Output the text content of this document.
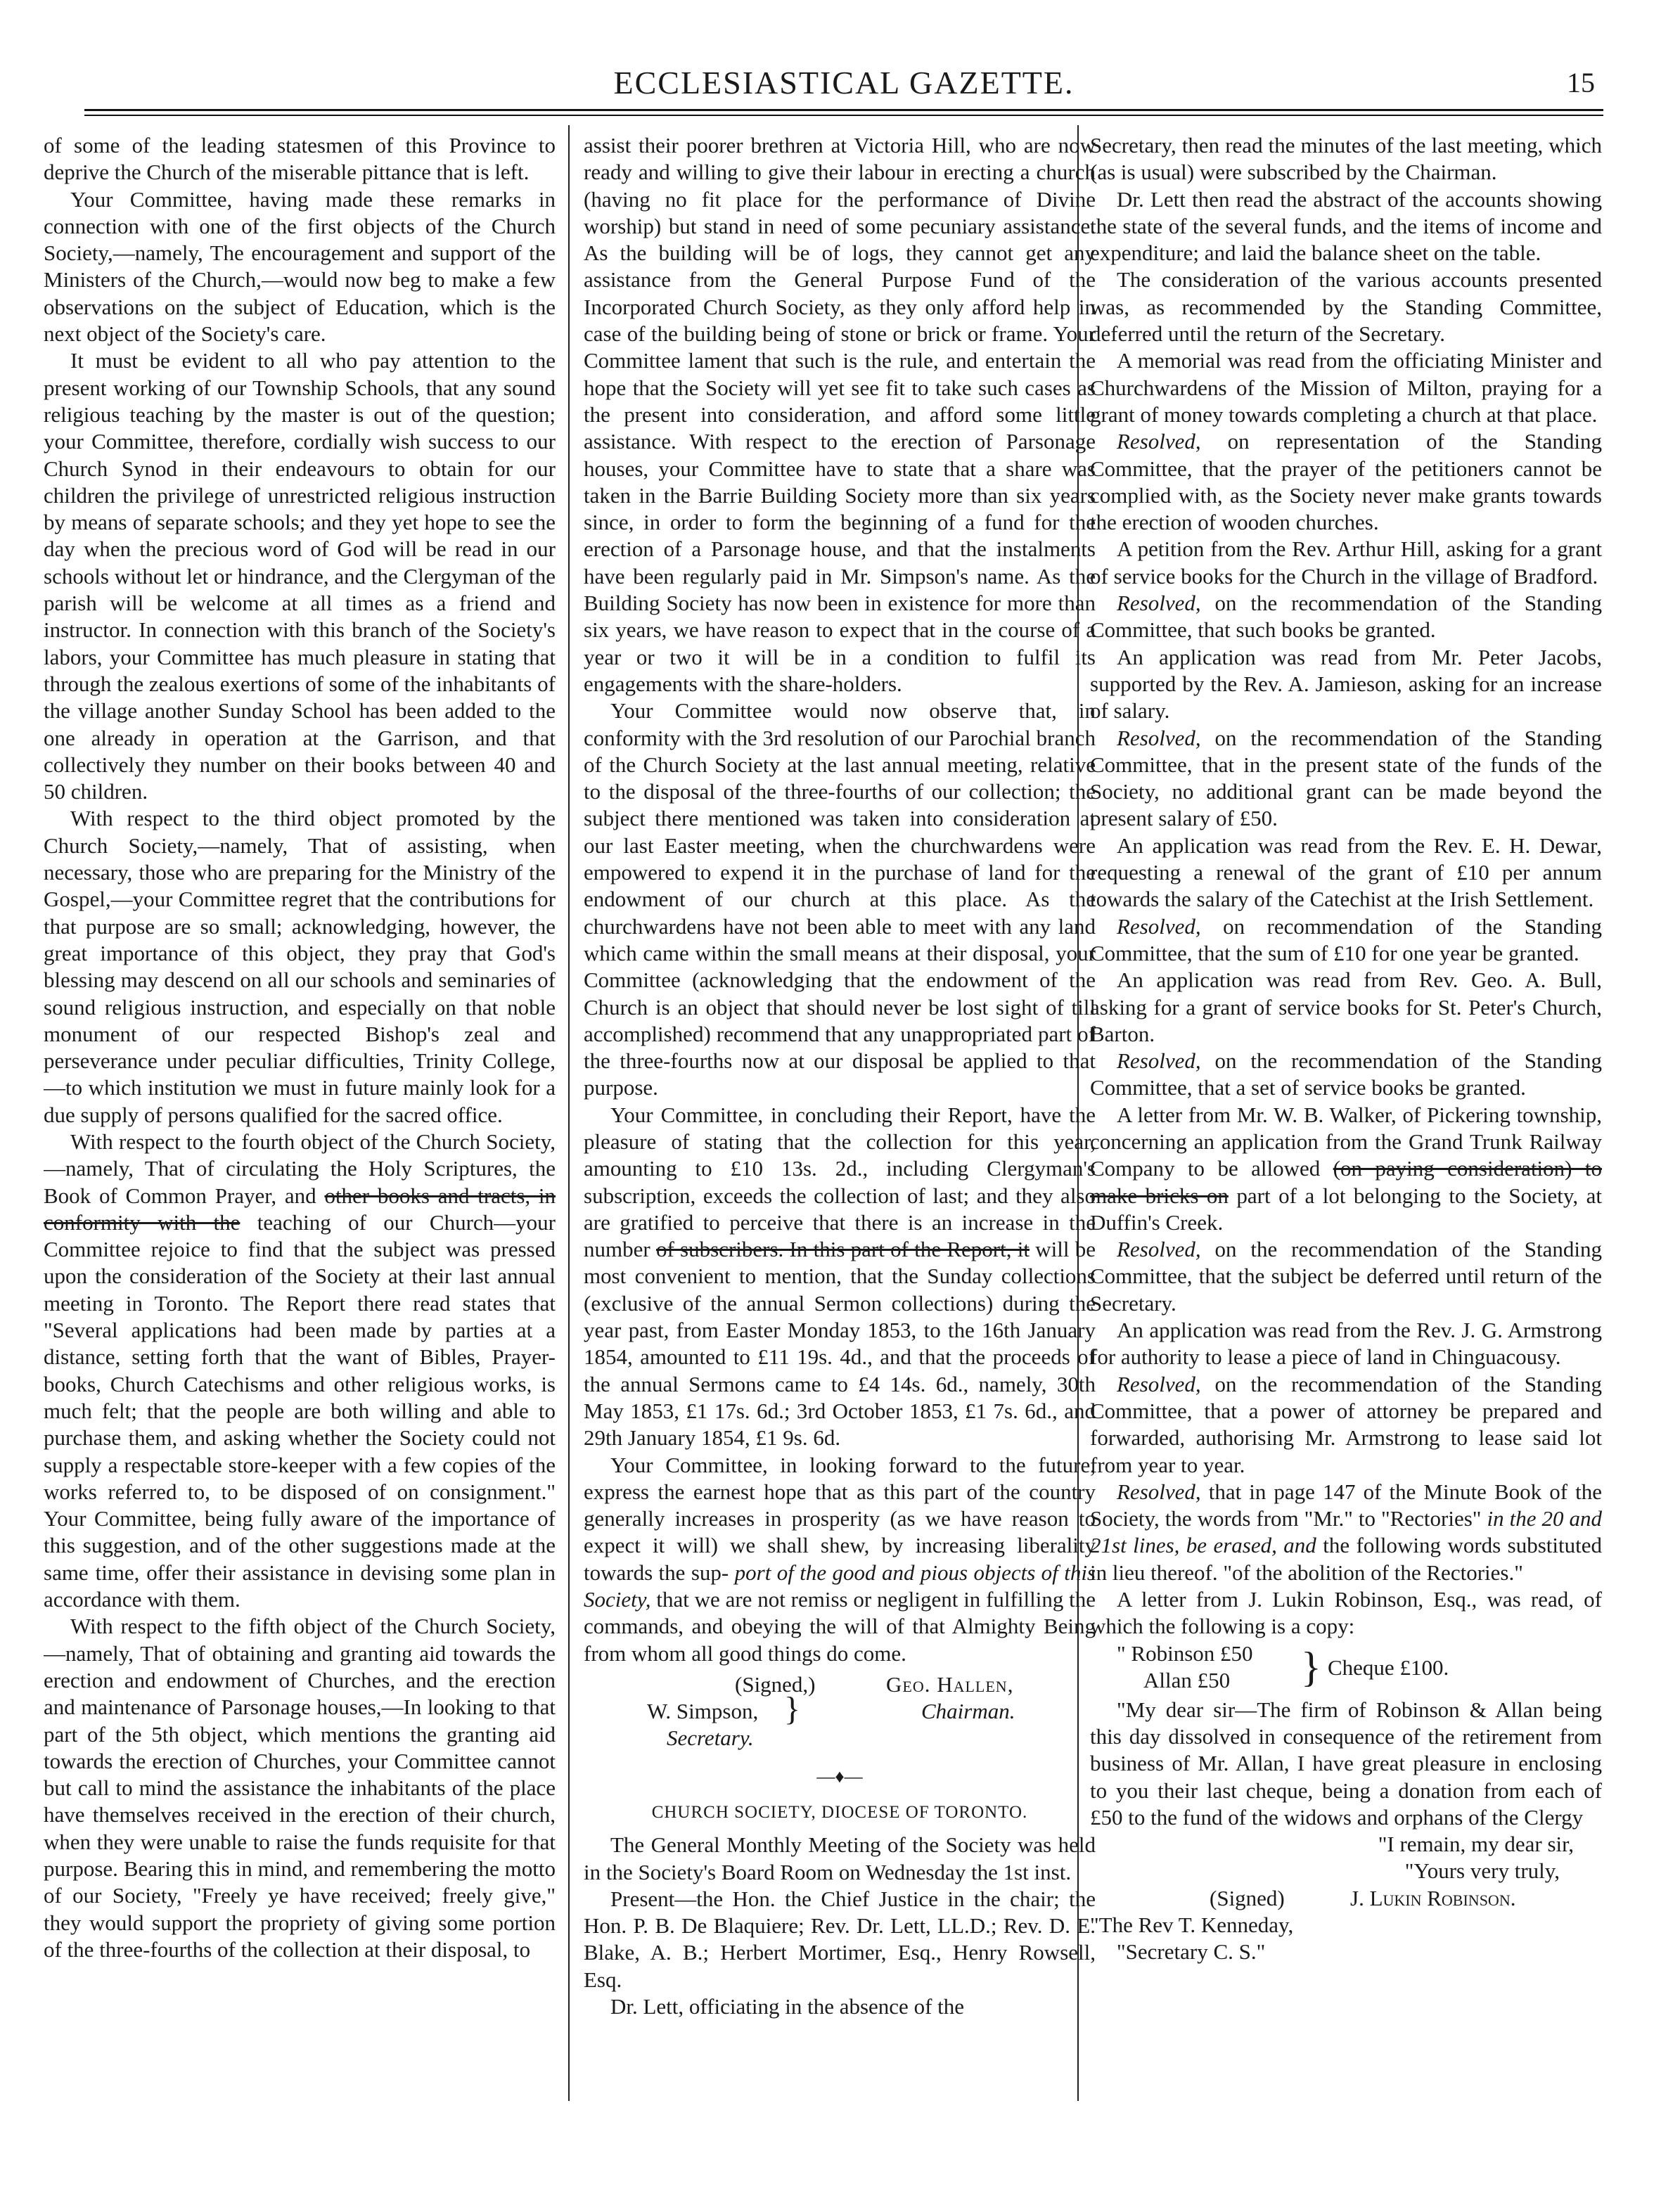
ECCLESIASTICAL GAZETTE.	15

of some of the leading statesmen of this Province to deprive the Church of the miserable pittance that is left.

Your Committee, having made these remarks in connection with one of the first objects of the Church Society,—namely, The encouragement and support of the Ministers of the Church,—would now beg to make a few observations on the subject of Education, which is the next object of the Society's care.

It must be evident to all who pay attention to the present working of our Township Schools, that any sound religious teaching by the master is out of the question; your Committee, therefore, cordially wish success to our Church Synod in their endeavours to obtain for our children the privilege of unrestricted religious instruction by means of separate schools; and they yet hope to see the day when the precious word of God will be read in our schools without let or hindrance, and the Clergyman of the parish will be welcome at all times as a friend and instructor. In connection with this branch of the Society's labors, your Committee has much pleasure in stating that through the zealous exertions of some of the inhabitants of the village another Sunday School has been added to the one already in operation at the Garrison, and that collectively they number on their books between 40 and 50 children.

With respect to the third object promoted by the Church Society,—namely, That of assisting, when necessary, those who are preparing for the Ministry of the Gospel,—your Committee regret that the contributions for that purpose are so small; acknowledging, however, the great importance of this object, they pray that God's blessing may descend on all our schools and seminaries of sound religious instruction, and especially on that noble monument of our respected Bishop's zeal and perseverance under peculiar difficulties, Trinity College,—to which institution we must in future mainly look for a due supply of persons qualified for the sacred office.

With respect to the fourth object of the Church Society,—namely, That of circulating the Holy Scriptures, the Book of Common Prayer, and other books and tracts, in conformity with the teaching of our Church—your Committee rejoice to find that the subject was pressed upon the consideration of the Society at their last annual meeting in Toronto. The Report there read states that "Several applications had been made by parties at a distance, setting forth that the want of Bibles, Prayer-books, Church Catechisms and other religious works, is much felt; that the people are both willing and able to purchase them, and asking whether the Society could not supply a respectable store-keeper with a few copies of the works referred to, to be disposed of on consignment." Your Committee, being fully aware of the importance of this suggestion, and of the other suggestions made at the same time, offer their assistance in devising some plan in accordance with them.

With respect to the fifth object of the Church Society,—namely, That of obtaining and granting aid towards the erection and endowment of Churches, and the erection and maintenance of Parsonage houses,—In looking to that part of the 5th object, which mentions the granting aid towards the erection of Churches, your Committee cannot but call to mind the assistance the inhabitants of the place have themselves received in the erection of their church, when they were unable to raise the funds requisite for that purpose. Bearing this in mind, and remembering the motto of our Society, "Freely ye have received; freely give," they would support the propriety of giving some portion of the three-fourths of the collection at their disposal, to

assist their poorer brethren at Victoria Hill, who are now ready and willing to give their labour in erecting a church (having no fit place for the performance of Divine worship) but stand in need of some pecuniary assistance. As the building will be of logs, they cannot get any assistance from the General Purpose Fund of the Incorporated Church Society, as they only afford help in case of the building being of stone or brick or frame. Your Committee lament that such is the rule, and entertain the hope that the Society will yet see fit to take such cases as the present into consideration, and afford some little assistance. With respect to the erection of Parsonage houses, your Committee have to state that a share was taken in the Barrie Building Society more than six years since, in order to form the beginning of a fund for the erection of a Parsonage house, and that the instalments have been regularly paid in Mr. Simpson's name. As the Building Society has now been in existence for more than six years, we have reason to expect that in the course of a year or two it will be in a condition to fulfil its engagements with the share-holders.

Your Committee would now observe that, in conformity with the 3rd resolution of our Parochial branch of the Church Society at the last annual meeting, relative to the disposal of the three-fourths of our collection; the subject there mentioned was taken into consideration at our last Easter meeting, when the churchwardens were empowered to expend it in the purchase of land for the endowment of our church at this place. As the churchwardens have not been able to meet with any land which came within the small means at their disposal, your Committee (acknowledging that the endowment of the Church is an object that should never be lost sight of till accomplished) recommend that any unappropriated part of the three-fourths now at our disposal be applied to that purpose.

Your Committee, in concluding their Report, have the pleasure of stating that the collection for this year, amounting to £10 13s. 2d., including Clergyman's subscription, exceeds the collection of last; and they also are gratified to perceive that there is an increase in the number of subscribers. In this part of the Report, it will be most convenient to mention, that the Sunday collections (exclusive of the annual Sermon collections) during the year past, from Easter Monday 1853, to the 16th January 1854, amounted to £11 19s. 4d., and that the proceeds of the annual Sermons came to £4 14s. 6d., namely, 30th May 1853, £1 17s. 6d.; 3rd October 1853, £1 7s. 6d., and 29th January 1854, £1 9s. 6d.

Your Committee, in looking forward to the future, express the earnest hope that as this part of the country generally increases in prosperity (as we have reason to expect it will) we shall shew, by increasing liberality towards the sup- port of the good and pious objects of this Society, that we are not remiss or negligent in fulfilling the commands, and obeying the will of that Almighty Being from whom all good things do come.

(Signed,)	Geo. Hallen,
Chairman.
W. Simpson, }
Secretary.
—♦—
CHURCH SOCIETY, DIOCESE OF TORONTO.

The General Monthly Meeting of the Society was held in the Society's Board Room on Wednesday the 1st inst.

Present—the Hon. the Chief Justice in the chair; the Hon. P. B. De Blaquiere; Rev. Dr. Lett, LL.D.; Rev. D. E. Blake, A. B.; Herbert Mortimer, Esq., Henry Rowsell, Esq.

Dr. Lett, officiating in the absence of the

Secretary, then read the minutes of the last meeting, which (as is usual) were subscribed by the Chairman.

Dr. Lett then read the abstract of the accounts showing the state of the several funds, and the items of income and expenditure; and laid the balance sheet on the table.

The consideration of the various accounts presented was, as recommended by the Standing Committee, deferred until the return of the Secretary.

A memorial was read from the officiating Minister and Churchwardens of the Mission of Milton, praying for a grant of money towards completing a church at that place.

Resolved, on representation of the Standing Committee, that the prayer of the petitioners cannot be complied with, as the Society never make grants towards the erection of wooden churches.

A petition from the Rev. Arthur Hill, asking for a grant of service books for the Church in the village of Bradford.

Resolved, on the recommendation of the Standing Committee, that such books be granted.

An application was read from Mr. Peter Jacobs, supported by the Rev. A. Jamieson, asking for an increase of salary.

Resolved, on the recommendation of the Standing Committee, that in the present state of the funds of the Society, no additional grant can be made beyond the present salary of £50.

An application was read from the Rev. E. H. Dewar, requesting a renewal of the grant of £10 per annum towards the salary of the Catechist at the Irish Settlement.

Resolved, on recommendation of the Standing Committee, that the sum of £10 for one year be granted.

An application was read from Rev. Geo. A. Bull, asking for a grant of service books for St. Peter's Church, Barton.

Resolved, on the recommendation of the Standing Committee, that a set of service books be granted.

A letter from Mr. W. B. Walker, of Pickering township, concerning an application from the Grand Trunk Railway Company to be allowed (on paying consideration) to make bricks on part of a lot belonging to the Society, at Duffin's Creek.

Resolved, on the recommendation of the Standing Committee, that the subject be deferred until return of the Secretary.

An application was read from the Rev. J. G. Armstrong for authority to lease a piece of land in Chinguacousy.

Resolved, on the recommendation of the Standing Committee, that a power of attorney be prepared and forwarded, authorising Mr. Armstrong to lease said lot from year to year.

Resolved, that in page 147 of the Minute Book of the Society, the words from "Mr." to "Rectories" in the 20 and 21st lines, be erased, and the following words substituted in lieu thereof. "of the abolition of the Rectories."

A letter from J. Lukin Robinson, Esq., was read, of which the following is a copy:

" Robinson £50
Allan £50 } Cheque £100.

"My dear sir—The firm of Robinson & Allan being this day dissolved in consequence of the retirement from business of Mr. Allan, I have great pleasure in enclosing to you their last cheque, being a donation from each of £50 to the fund of the widows and orphans of the Clergy

"I remain, my dear sir,
"Yours very truly,
(Signed)	J. Lukin Robinson.
"The Rev T. Kenneday,
"Secretary C. S."
